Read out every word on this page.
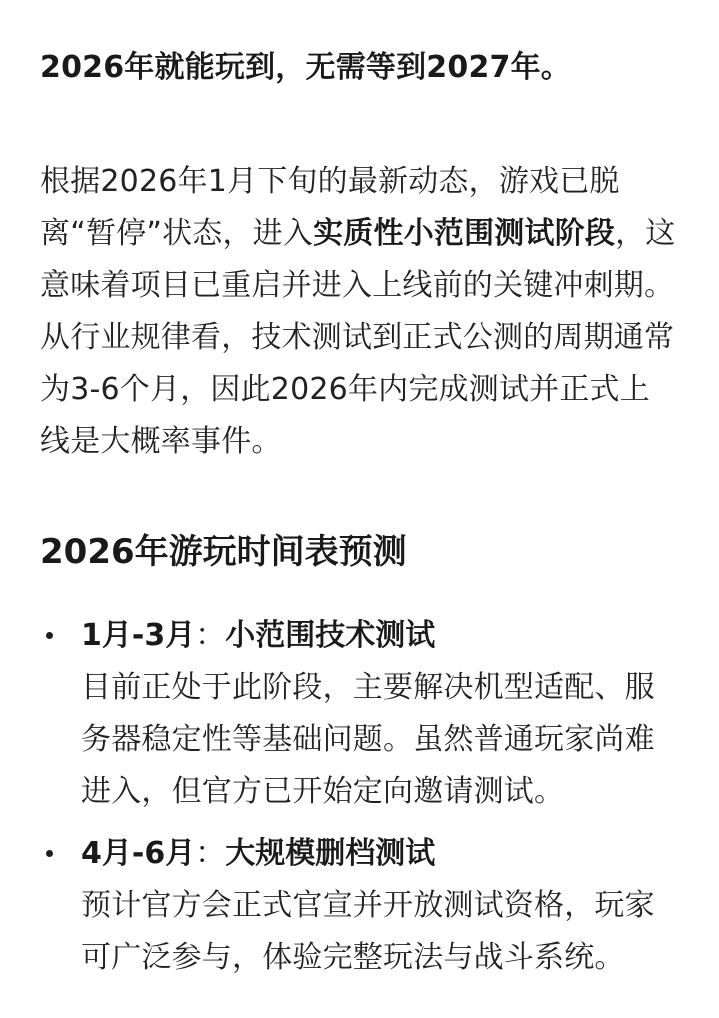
2026年就能玩到，无需等到2027年。

根据2026年1月下旬的最新动态，游戏已脱离“暂停”状态，进入实质性小范围测试阶段，这意味着项目已重启并进入上线前的关键冲刺期。从行业规律看，技术测试到正式公测的周期通常为3-6个月，因此2026年内完成测试并正式上线是大概率事件。
2026年游玩时间表预测
1月-3月：小范围技术测试
目前正处于此阶段，主要解决机型适配、服务器稳定性等基础问题。虽然普通玩家尚难进入，但官方已开始定向邀请测试。
4月-6月：大规模删档测试
预计官方会正式官宣并开放测试资格，玩家可广泛参与，体验完整玩法与战斗系统。
